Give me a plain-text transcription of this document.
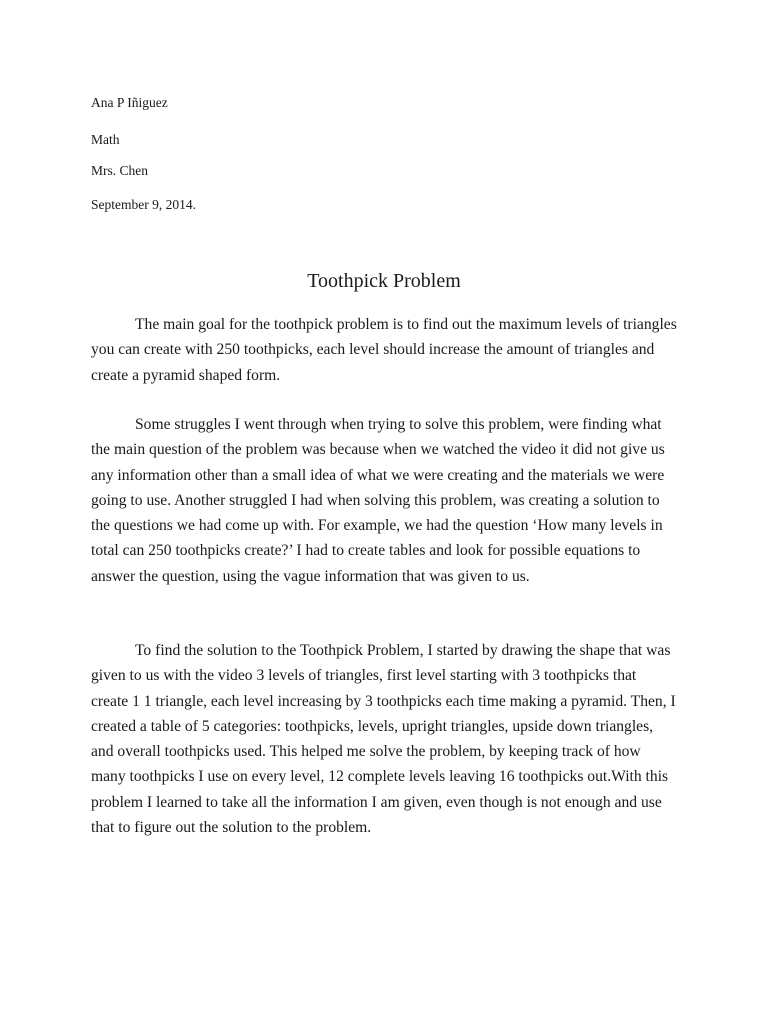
Ana P Iñiguez
Math
Mrs. Chen
September 9, 2014.
Toothpick Problem

The main goal for the toothpick problem is to find out the maximum levels of triangles you can create with 250 toothpicks, each level should increase the amount of triangles and create a pyramid shaped form.

Some struggles I went through when trying to solve this problem, were finding what the main question of the problem was because when we watched the video it did not give us any information other than a small idea of what we were creating and the materials we were going to use. Another struggled I had when solving this problem, was creating a solution to the questions we had come up with. For example, we had the question ‘How many levels in total can 250 toothpicks create?’ I had to create tables and look for possible equations to answer the question, using the vague information that was given to us.

To find the solution to the Toothpick Problem, I started by drawing the shape that was given to us with the video 3 levels of triangles, first level starting with 3 toothpicks that create 1 1 triangle, each level increasing by 3 toothpicks each time making a pyramid. Then, I created a table of 5 categories: toothpicks, levels, upright triangles, upside down triangles, and overall toothpicks used. This helped me solve the problem, by keeping track of how many toothpicks I use on every level, 12 complete levels leaving 16 toothpicks out.With this problem I learned to take all the information I am given, even though is not enough and use that to figure out the solution to the problem.
